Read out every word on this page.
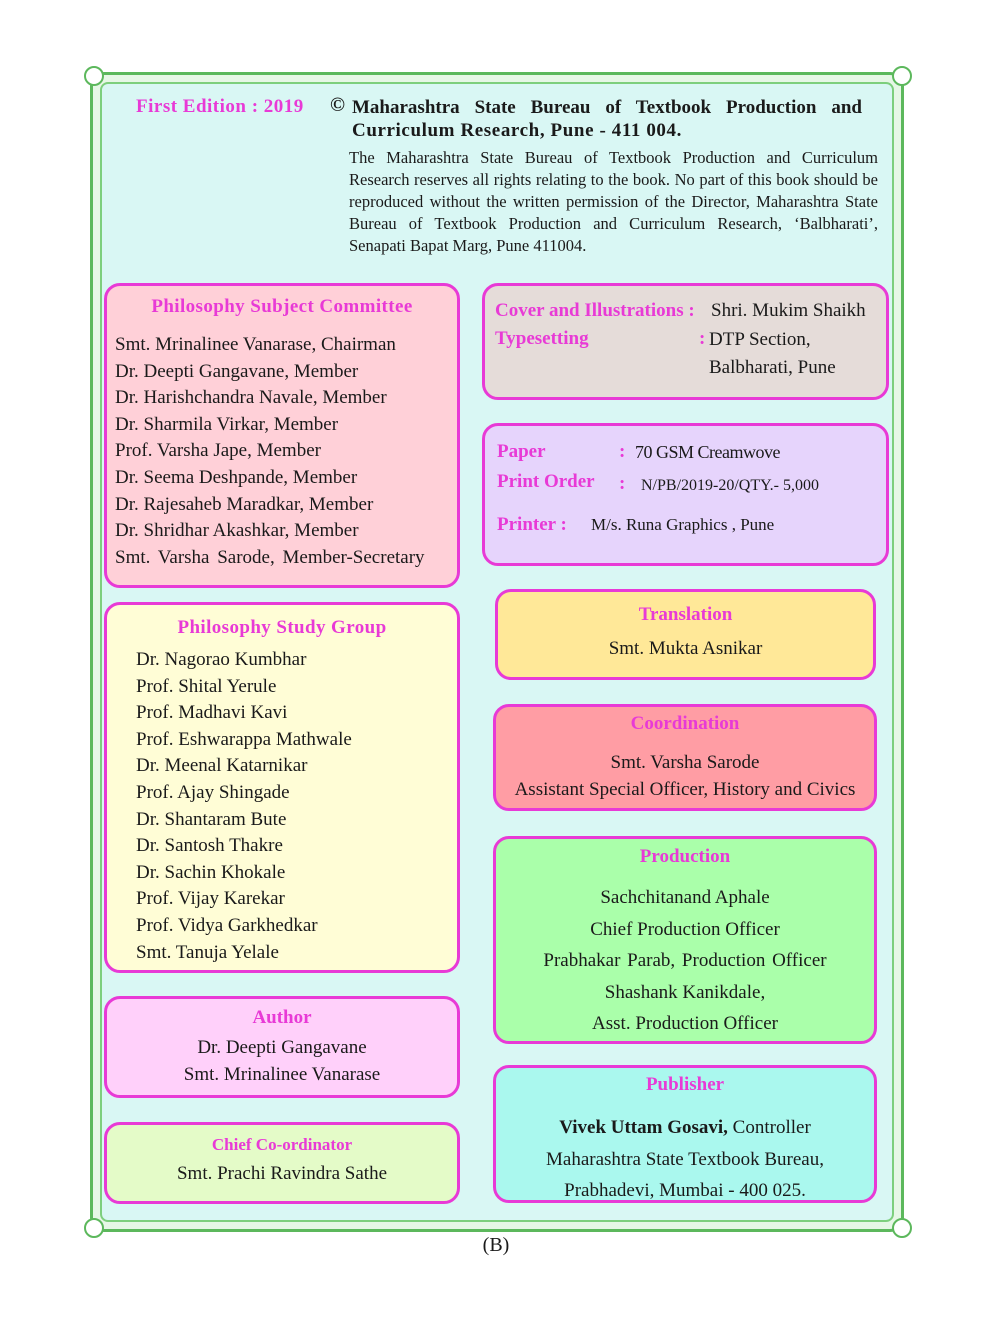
First Edition : 2019 © Maharashtra State Bureau of Textbook Production and
Curriculum Research, Pune - 411 004.
The Maharashtra State Bureau of Textbook Production and Curriculum Research reserves all rights relating to the book. No part of this book should be reproduced without the written permission of the Director, Maharashtra State Bureau of Textbook Production and Curriculum Research, ‘Balbharati’, Senapati Bapat Marg, Pune 411004.
Philosophy Subject Committee
Smt. Mrinalinee Vanarase, Chairman
Dr. Deepti Gangavane, Member
Dr. Harishchandra Navale, Member
Dr. Sharmila Virkar, Member
Prof. Varsha Jape, Member
Dr. Seema Deshpande, Member
Dr. Rajesaheb Maradkar, Member
Dr. Shridhar Akashkar, Member
Smt. Varsha Sarode, Member-Secretary
Philosophy Study Group
Dr. Nagorao Kumbhar
Prof. Shital Yerule
Prof. Madhavi Kavi
Prof. Eshwarappa Mathwale
Dr. Meenal Katarnikar
Prof. Ajay Shingade
Dr. Shantaram Bute
Dr. Santosh Thakre
Dr. Sachin Khokale
Prof. Vijay Karekar
Prof. Vidya Garkhedkar
Smt. Tanuja Yelale
Author
Dr. Deepti Gangavane
Smt. Mrinalinee Vanarase
Chief Co-ordinator
Smt. Prachi Ravindra Sathe
Cover and Illustrations : Shri. Mukim Shaikh
Typesetting	: DTP Section,
Balbharati, Pune
Paper	: 70 GSM Creamwove
Print Order : N/PB/2019-20/QTY.- 5,000
Printer : M/s. Runa Graphics , Pune
Translation
Smt. Mukta Asnikar
Coordination
Smt. Varsha Sarode
Assistant Special Officer, History and Civics
Production
Sachchitanand Aphale
Chief Production Officer
Prabhakar Parab, Production Officer
Shashank Kanikdale,
Asst. Production Officer
Publisher
Vivek Uttam Gosavi, Controller
Maharashtra State Textbook Bureau,
Prabhadevi, Mumbai - 400 025.
(B)
